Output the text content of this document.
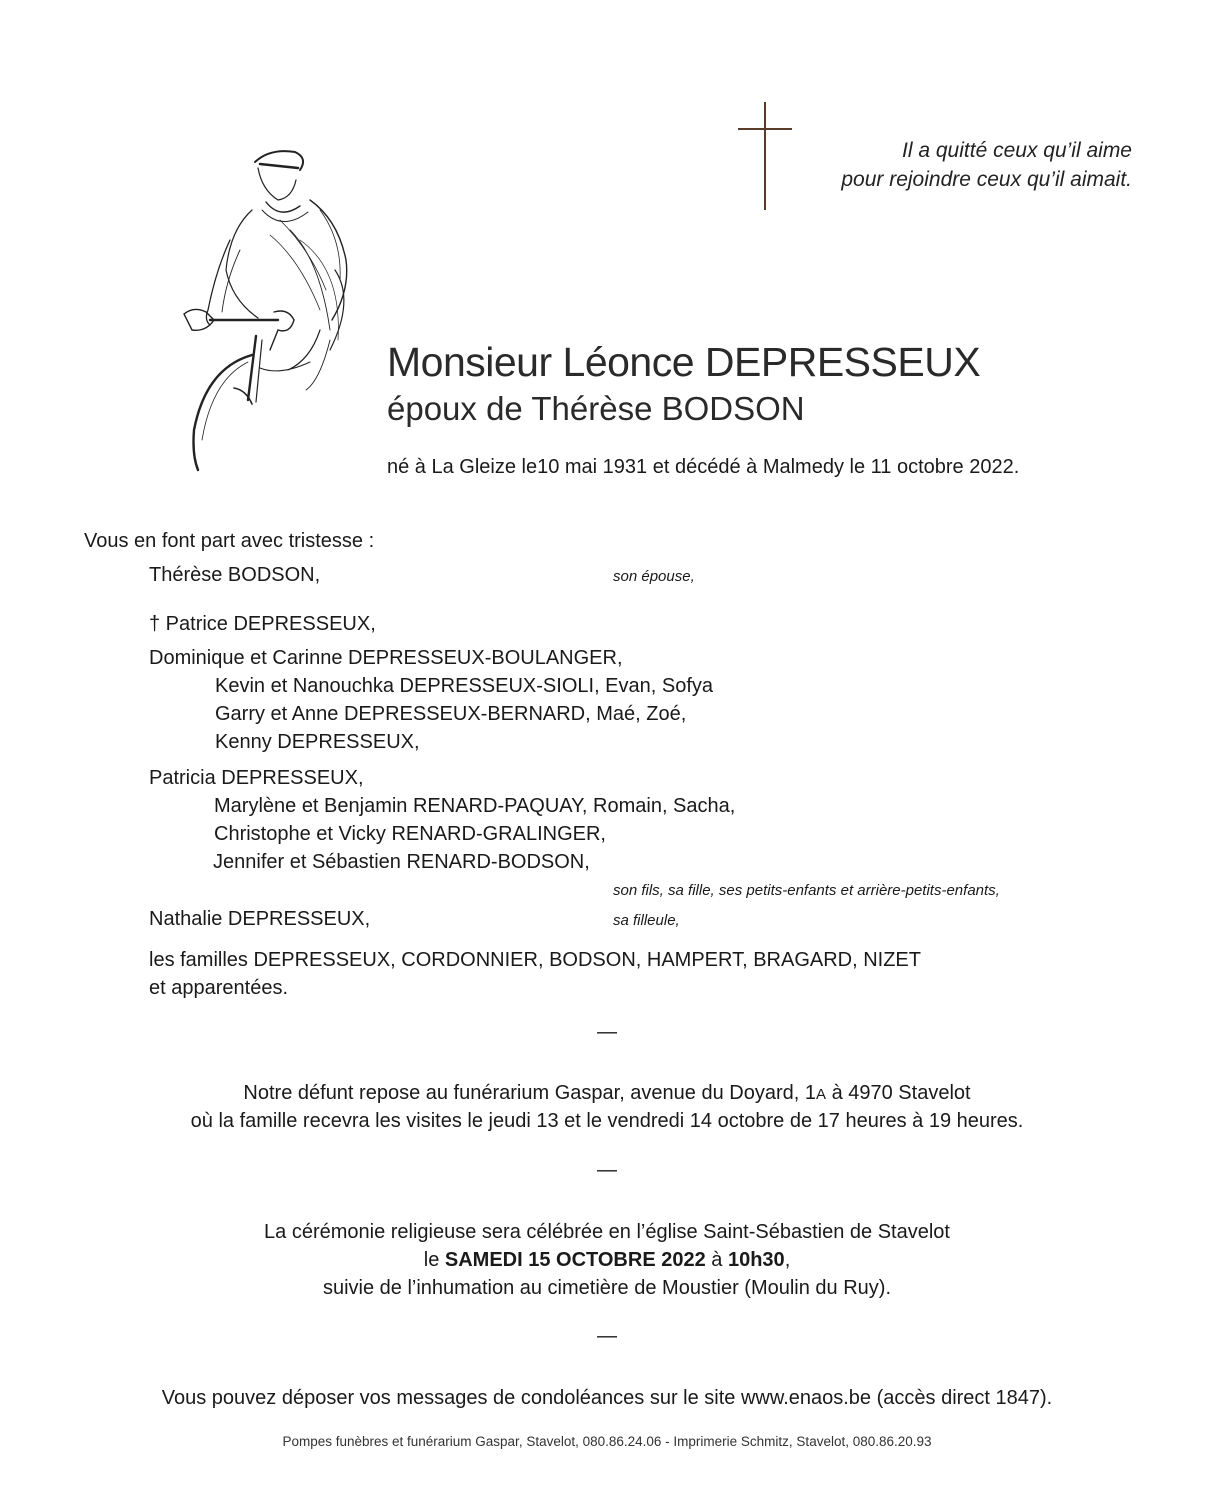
Il a quitté ceux qu’il aime
pour rejoindre ceux qu’il aimait.
Monsieur Léonce DEPRESSEUX
époux de Thérèse BODSON
né à La Gleize le10 mai 1931 et décédé à Malmedy le 11 octobre 2022.
Vous en font part avec tristesse :
Thérèse BODSON,	son épouse,
† Patrice DEPRESSEUX,
Dominique et Carinne DEPRESSEUX-BOULANGER,
Kevin et Nanouchka DEPRESSEUX-SIOLI, Evan, Sofya
Garry et Anne DEPRESSEUX-BERNARD, Maé, Zoé,
Kenny DEPRESSEUX,
Patricia DEPRESSEUX,
Marylène et Benjamin RENARD-PAQUAY, Romain, Sacha,
Christophe et Vicky RENARD-GRALINGER,
Jennifer et Sébastien RENARD-BODSON,
son fils, sa fille, ses petits-enfants et arrière-petits-enfants,
Nathalie DEPRESSEUX,	sa filleule,
les familles DEPRESSEUX, CORDONNIER, BODSON, HAMPERT, BRAGARD, NIZET
et apparentées.
—
Notre défunt repose au funérarium Gaspar, avenue du Doyard, 1A à 4970 Stavelot
où la famille recevra les visites le jeudi 13 et le vendredi 14 octobre de 17 heures à 19 heures.
—
La cérémonie religieuse sera célébrée en l’église Saint-Sébastien de Stavelot
le SAMEDI 15 OCTOBRE 2022 à 10h30,
suivie de l’inhumation au cimetière de Moustier (Moulin du Ruy).
—
Vous pouvez déposer vos messages de condoléances sur le site www.enaos.be (accès direct 1847).
Pompes funèbres et funérarium Gaspar, Stavelot, 080.86.24.06 - Imprimerie Schmitz, Stavelot, 080.86.20.93
